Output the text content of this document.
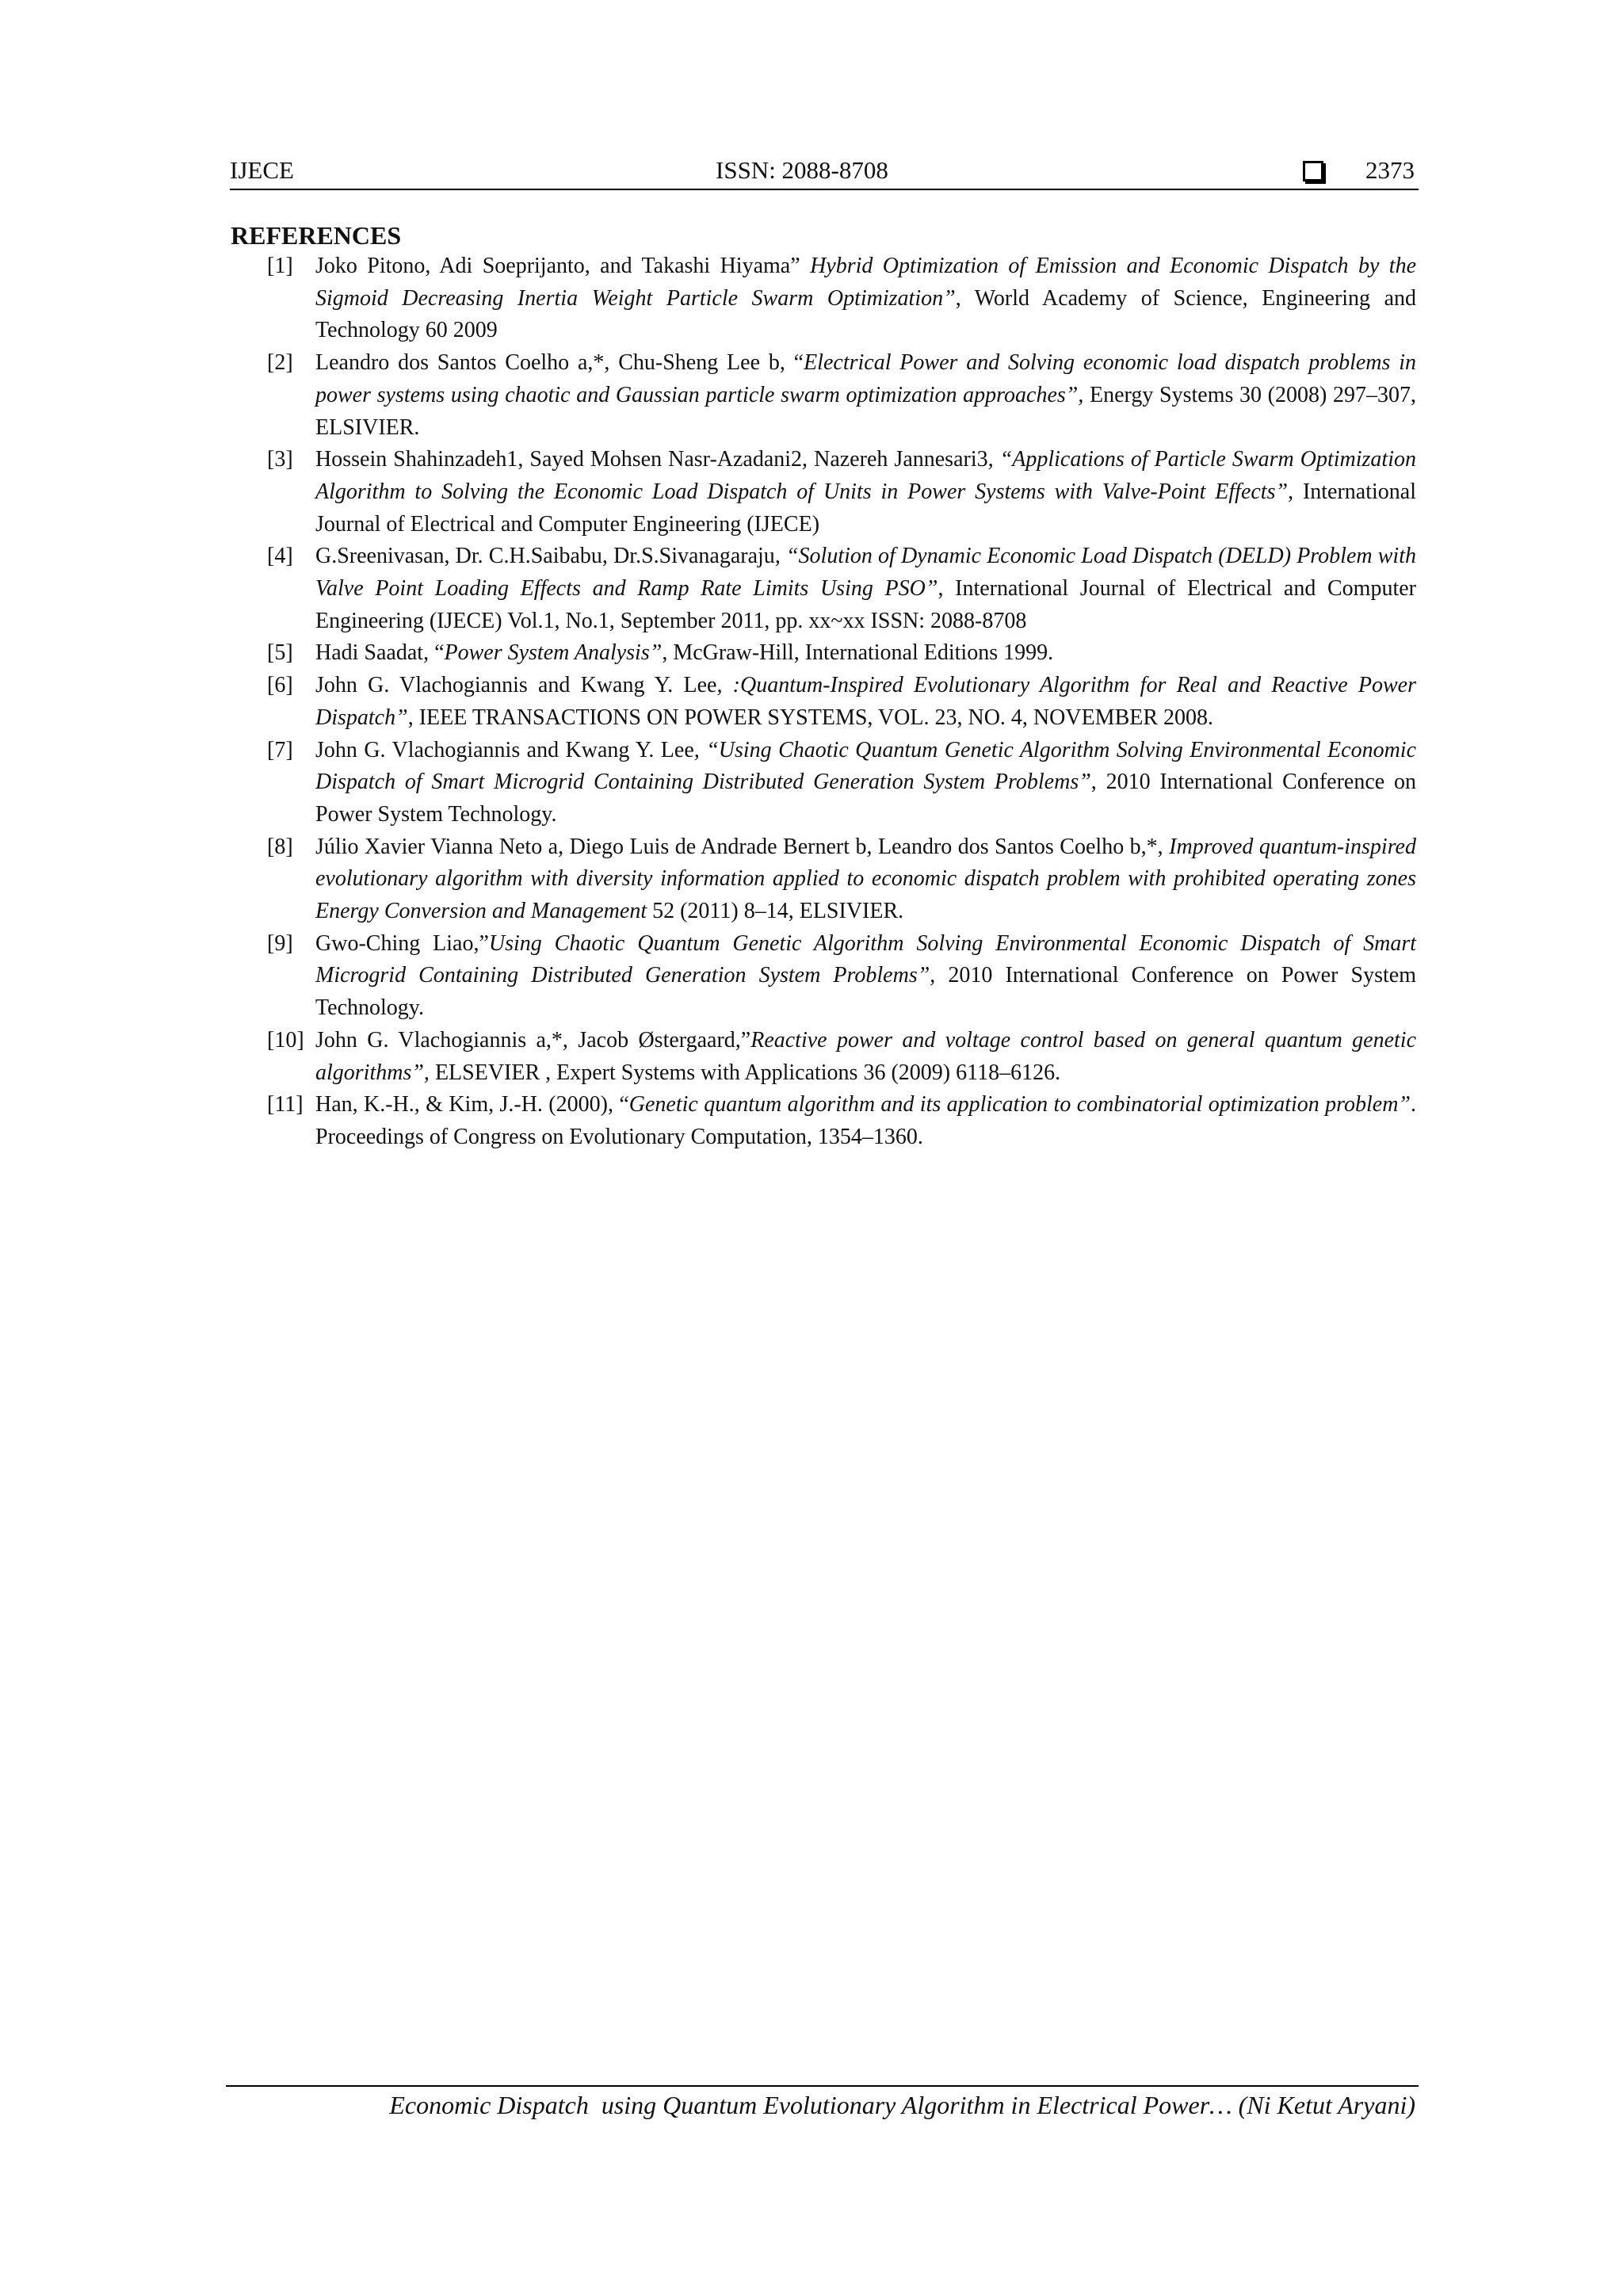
IJECE	ISSN: 2088-8708	2373
REFERENCES
[1] Joko Pitono, Adi Soeprijanto, and Takashi Hiyama” Hybrid Optimization of Emission and Economic Dispatch by the Sigmoid Decreasing Inertia Weight Particle Swarm Optimization”, World Academy of Science, Engineering and Technology 60 2009
[2] Leandro dos Santos Coelho a,*, Chu-Sheng Lee b, “Electrical Power and Solving economic load dispatch problems in power systems using chaotic and Gaussian particle swarm optimization approaches”, Energy Systems 30 (2008) 297–307, ELSIVIER.
[3] Hossein Shahinzadeh1, Sayed Mohsen Nasr-Azadani2, Nazereh Jannesari3, “Applications of Particle Swarm Optimization Algorithm to Solving the Economic Load Dispatch of Units in Power Systems with Valve-Point Effects”, International Journal of Electrical and Computer Engineering (IJECE)
[4] G.Sreenivasan, Dr. C.H.Saibabu, Dr.S.Sivanagaraju, “Solution of Dynamic Economic Load Dispatch (DELD) Problem with Valve Point Loading Effects and Ramp Rate Limits Using PSO”, International Journal of Electrical and Computer Engineering (IJECE) Vol.1, No.1, September 2011, pp. xx~xx ISSN: 2088-8708
[5] Hadi Saadat, “Power System Analysis”, McGraw-Hill, International Editions 1999.
[6] John G. Vlachogiannis and Kwang Y. Lee, :Quantum-Inspired Evolutionary Algorithm for Real and Reactive Power Dispatch”, IEEE TRANSACTIONS ON POWER SYSTEMS, VOL. 23, NO. 4, NOVEMBER 2008.
[7] John G. Vlachogiannis and Kwang Y. Lee, “Using Chaotic Quantum Genetic Algorithm Solving Environmental Economic Dispatch of Smart Microgrid Containing Distributed Generation System Problems”, 2010 International Conference on Power System Technology.
[8] Júlio Xavier Vianna Neto a, Diego Luis de Andrade Bernert b, Leandro dos Santos Coelho b,*, Improved quantum-inspired evolutionary algorithm with diversity information applied to economic dispatch problem with prohibited operating zones Energy Conversion and Management 52 (2011) 8–14, ELSIVIER.
[9] Gwo-Ching Liao,”Using Chaotic Quantum Genetic Algorithm Solving Environmental Economic Dispatch of Smart Microgrid Containing Distributed Generation System Problems”, 2010 International Conference on Power System Technology.
[10] John G. Vlachogiannis a,*, Jacob Østergaard,”Reactive power and voltage control based on general quantum genetic algorithms”, ELSEVIER , Expert Systems with Applications 36 (2009) 6118–6126.
[11] Han, K.-H., & Kim, J.-H. (2000), “Genetic quantum algorithm and its application to combinatorial optimization problem”. Proceedings of Congress on Evolutionary Computation, 1354–1360.
Economic Dispatch  using Quantum Evolutionary Algorithm in Electrical Power… (Ni Ketut Aryani)
